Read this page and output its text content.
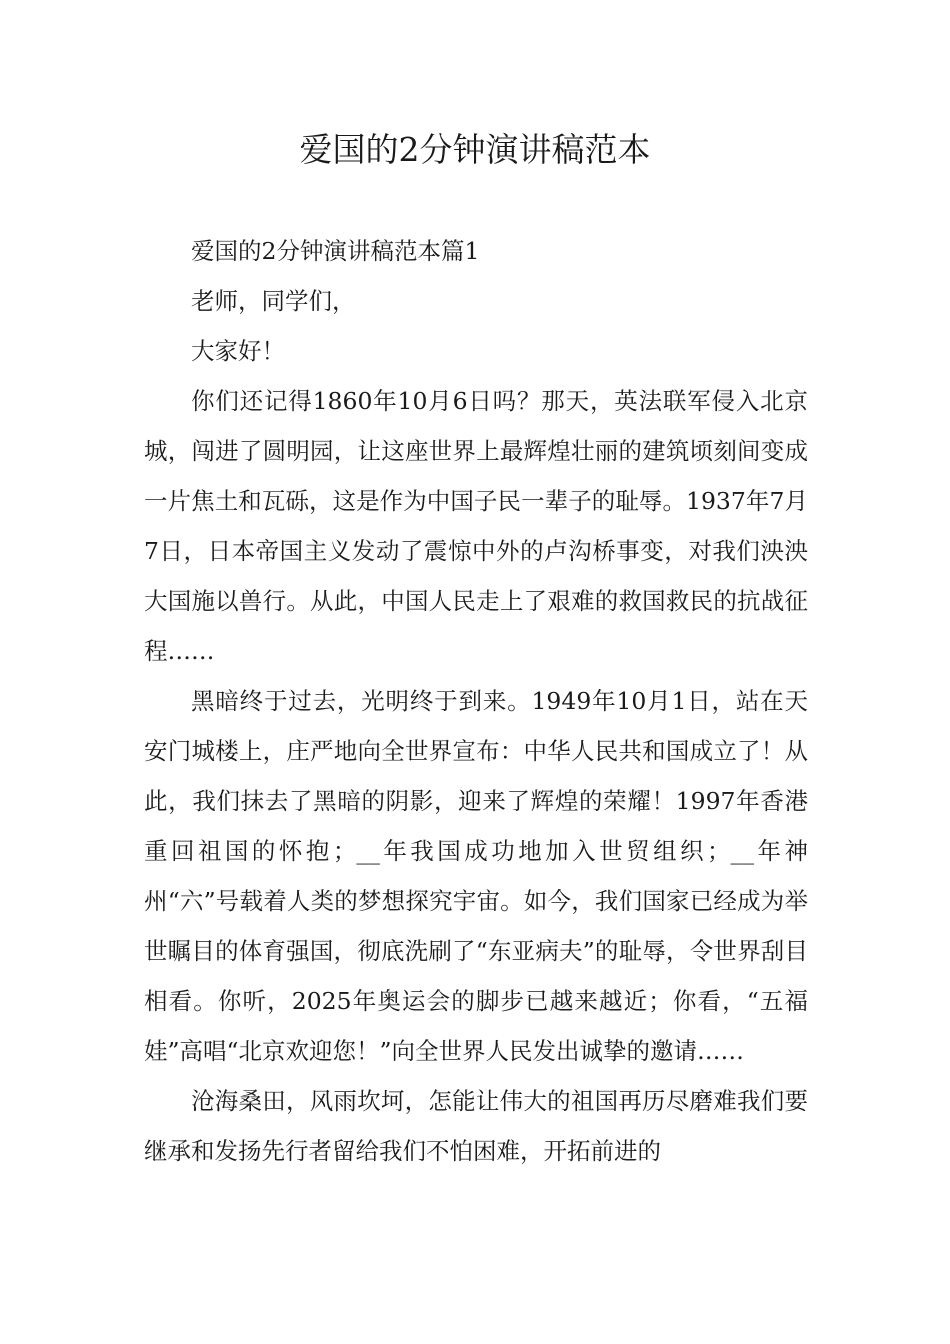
爱国的2分钟演讲稿范本

爱国的2分钟演讲稿范本篇1

老师，同学们，

大家好！

你们还记得1860年10月6日吗？那天，英法联军侵入北京城，闯进了圆明园，让这座世界上最辉煌壮丽的建筑顷刻间变成一片焦土和瓦砾，这是作为中国子民一辈子的耻辱。1937年7月7日，日本帝国主义发动了震惊中外的卢沟桥事变，对我们泱泱大国施以兽行。从此，中国人民走上了艰难的救国救民的抗战征程……

黑暗终于过去，光明终于到来。1949年10月1日，站在天安门城楼上，庄严地向全世界宣布：中华人民共和国成立了！从此，我们抹去了黑暗的阴影，迎来了辉煌的荣耀！1997年香港重回祖国的怀抱；__年我国成功地加入世贸组织；__年神州“六”号载着人类的梦想探究宇宙。如今，我们国家已经成为举世瞩目的体育强国，彻底洗刷了“东亚病夫”的耻辱，令世界刮目相看。你听，2025年奥运会的脚步已越来越近；你看，“五福娃”高唱“北京欢迎您！”向全世界人民发出诚挚的邀请……

沧海桑田，风雨坎坷，怎能让伟大的祖国再历尽磨难我们要继承和发扬先行者留给我们不怕困难，开拓前进的
